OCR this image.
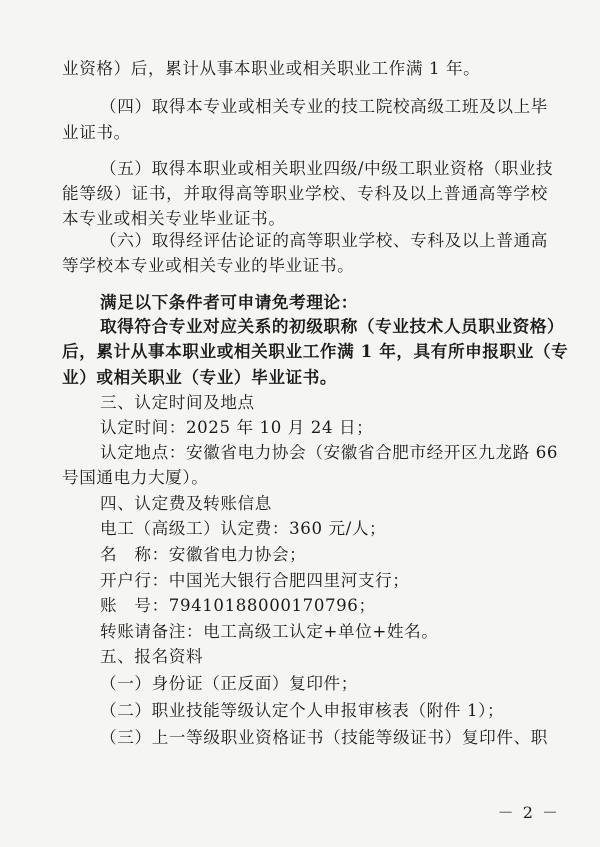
业资格）后，累计从事本职业或相关职业工作满 1 年。
（四）取得本专业或相关专业的技工院校高级工班及以上毕
业证书。
（五）取得本职业或相关职业四级/中级工职业资格（职业技
能等级）证书，并取得高等职业学校、专科及以上普通高等学校
本专业或相关专业毕业证书。
（六）取得经评估论证的高等职业学校、专科及以上普通高
等学校本专业或相关专业的毕业证书。
满足以下条件者可申请免考理论：
取得符合专业对应关系的初级职称（专业技术人员职业资格）
后，累计从事本职业或相关职业工作满 1 年，具有所申报职业（专
业）或相关职业（专业）毕业证书。
三、认定时间及地点
认定时间：2025 年 10 月 24 日；
认定地点：安徽省电力协会（安徽省合肥市经开区九龙路 66
号国通电力大厦）。
四、认定费及转账信息
电工（高级工）认定费：360 元/人；
名　称：安徽省电力协会；
开户行：中国光大银行合肥四里河支行；
账　号：79410188000170796；
转账请备注：电工高级工认定+单位+姓名。
五、报名资料
（一）身份证（正反面）复印件；
（二）职业技能等级认定个人申报审核表（附件 1）；
（三）上一等级职业资格证书（技能等级证书）复印件、职
－ 2 －
